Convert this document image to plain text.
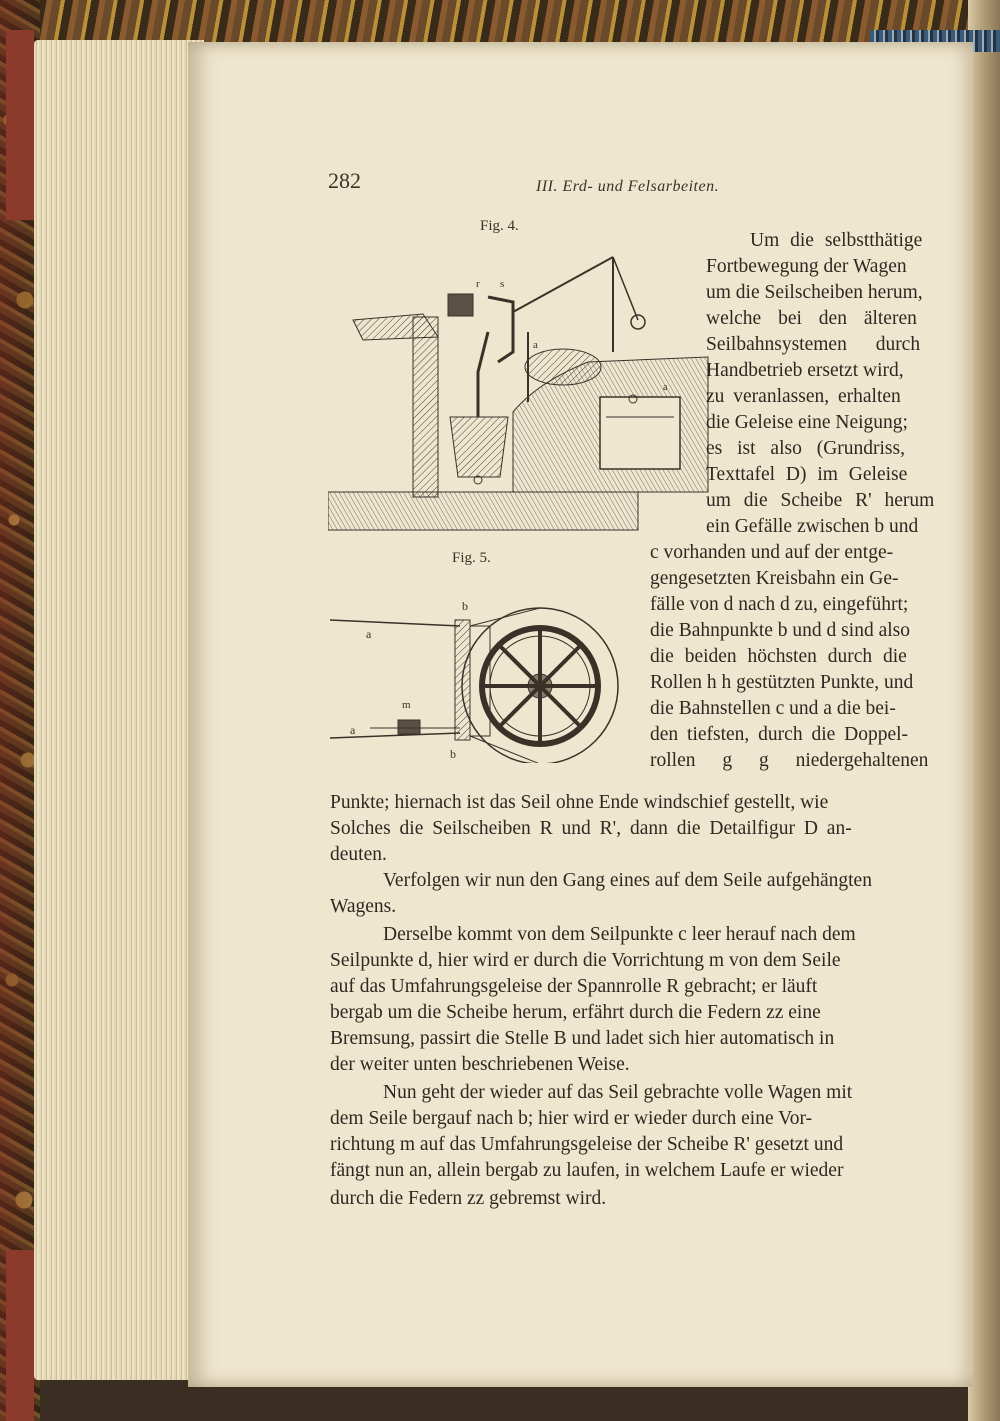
282	III. Erd- und Felsarbeiten.
Fig. 4.
a
r s
a
Fig. 5.
b
a
m
a
b
Um die selbstthätige
Fortbewegung der Wagen
um die Seilscheiben herum,
welche bei den älteren
Seilbahnsystemen durch
Handbetrieb ersetzt wird,
zu veranlassen, erhalten
die Geleise eine Neigung;
es ist also (Grundriss,
Texttafel D) im Geleise
um die Scheibe R' herum
ein Gefälle zwischen b und
c vorhanden und auf der entge-
gengesetzten Kreisbahn ein Ge-
fälle von d nach d zu, eingeführt;
die Bahnpunkte b und d sind also
die beiden höchsten durch die
Rollen h h gestützten Punkte, und
die Bahnstellen c und a die bei-
den tiefsten, durch die Doppel-
rollen g g niedergehaltenen
Punkte; hiernach ist das Seil ohne Ende windschief gestellt, wie
Solches die Seilscheiben R und R', dann die Detailfigur D an-
deuten.
Verfolgen wir nun den Gang eines auf dem Seile aufgehängten
Wagens.
Derselbe kommt von dem Seilpunkte c leer herauf nach dem
Seilpunkte d, hier wird er durch die Vorrichtung m von dem Seile
auf das Umfahrungsgeleise der Spannrolle R gebracht; er läuft
bergab um die Scheibe herum, erfährt durch die Federn zz eine
Bremsung, passirt die Stelle B und ladet sich hier automatisch in
der weiter unten beschriebenen Weise.
Nun geht der wieder auf das Seil gebrachte volle Wagen mit
dem Seile bergauf nach b; hier wird er wieder durch eine Vor-
richtung m auf das Umfahrungsgeleise der Scheibe R' gesetzt und
fängt nun an, allein bergab zu laufen, in welchem Laufe er wieder
durch die Federn zz gebremst wird.
